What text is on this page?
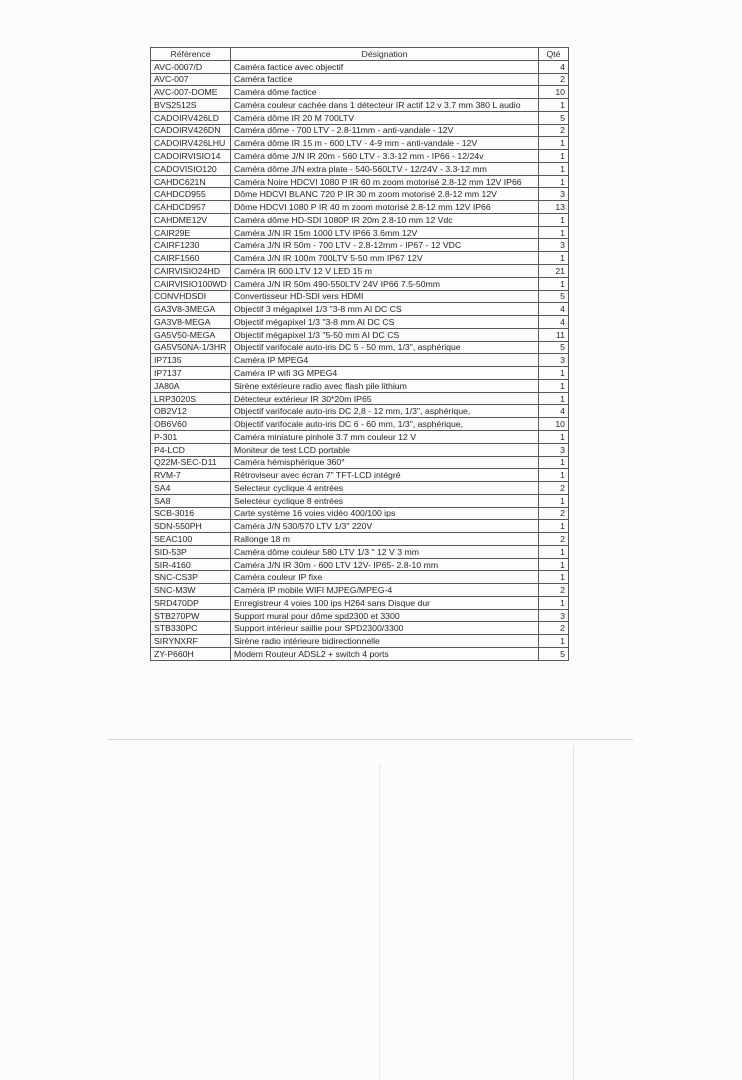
Référence	Désignation	Qté
AVC-0007/D	Caméra factice avec objectif	4
AVC-007	Caméra factice	2
AVC-007-DOME	Caméra dôme factice	10
BVS2512S	Caméra couleur cachée dans 1 détecteur IR actif 12 v 3.7 mm 380 L audio	1
CADOIRV426LD	Caméra dôme IR 20 M 700LTV	5
CADOIRV426DN	Caméra dôme - 700 LTV - 2.8-11mm - anti-vandale - 12V	2
CADOIRV426LHU	Caméra dôme IR 15 m - 600 LTV - 4-9 mm - anti-vandale - 12V	1
CADOIRVISIO14	Caméra dôme J/N IR 20m - 560 LTV - 3.3-12 mm - IP66 - 12/24v	1
CADOVISIO120	Caméra dôme J/N extra plate - 540-560LTV - 12/24V - 3.3-12 mm	1
CAHDC621N	Caméra Noire HDCVI 1080 P IR 60 m zoom motorisé 2.8-12 mm 12V IP66	1
CAHDCD955	Dôme HDCVI BLANC 720 P IR 30 m zoom motorisé 2.8-12 mm 12V	3
CAHDCD957	Dôme HDCVI 1080 P IR 40 m zoom motorisé 2.8-12 mm 12V IP66	13
CAHDME12V	Caméra dôme HD-SDI 1080P IR 20m 2.8-10 mm 12 Vdc	1
CAIR29E	Caméra J/N IR 15m 1000 LTV IP66 3.6mm 12V	1
CAIRF1230	Caméra J/N IR 50m - 700 LTV - 2.8-12mm - IP67 - 12 VDC	3
CAIRF1560	Caméra J/N IR 100m 700LTV 5-50 mm IP67 12V	1
CAIRVISIO24HD	Caméra IR 600 LTV 12 V LED 15 m	21
CAIRVISIO100WD	Caméra J/N IR 50m 490-550LTV 24V IP66 7.5-50mm	1
CONVHDSDI	Convertisseur HD-SDI vers HDMI	5
GA3V8-3MEGA	Objectif 3 mégapixel 1/3 "3-8 mm AI DC CS	4
GA3V8-MEGA	Objectif mégapixel 1/3 "3-8 mm AI DC CS	4
GA5V50-MEGA	Objectif mégapixel 1/3 "5-50 mm AI DC CS	11
GA5V50NA-1/3HR	Objectif varifocale auto-iris DC 5 - 50 mm, 1/3", asphérique	5
IP7135	Caméra IP MPEG4	3
IP7137	Caméra IP wifi 3G MPEG4	1
JA80A	Sirène extérieure radio avec flash pile lithium	1
LRP3020S	Détecteur extérieur IR 30*20m IP65	1
OB2V12	Objectif varifocale auto-iris DC 2,8 - 12 mm, 1/3", asphérique,	4
OB6V60	Objectif varifocale auto-iris DC 6 - 60 mm, 1/3", asphérique,	10
P-301	Caméra miniature pinhole 3.7 mm couleur 12 V	1
P4-LCD	Moniteur de test LCD portable	3
Q22M-SEC-D11	Caméra hémisphérique 360°	1
RVM-7	Rétroviseur avec écran 7" TFT-LCD intégré	1
SA4	Selecteur cyclique 4 entrées	2
SA8	Selecteur cyclique 8 entrées	1
SCB-3016	Carte système 16 voies vidéo 400/100 ips	2
SDN-550PH	Caméra J/N 530/570 LTV 1/3" 220V	1
SEAC100	Rallonge 18 m	2
SID-53P	Caméra dôme couleur 580 LTV 1/3 " 12 V 3 mm	1
SIR-4160	Caméra J/N IR 30m - 600 LTV 12V- IP65- 2.8-10 mm	1
SNC-CS3P	Caméra couleur IP fixe	1
SNC-M3W	Caméra IP mobile WIFI MJPEG/MPEG-4	2
SRD470DP	Enregistreur 4 voies 100 ips H264 sans Disque dur	1
STB270PW	Support mural pour dôme spd2300 et 3300	3
STB330PC	Support intérieur saillie pour SPD2300/3300	2
SIRYNXRF	Sirène radio intérieure bidirectionnelle	1
ZY-P660H	Modem Routeur ADSL2 + switch 4 ports	5
